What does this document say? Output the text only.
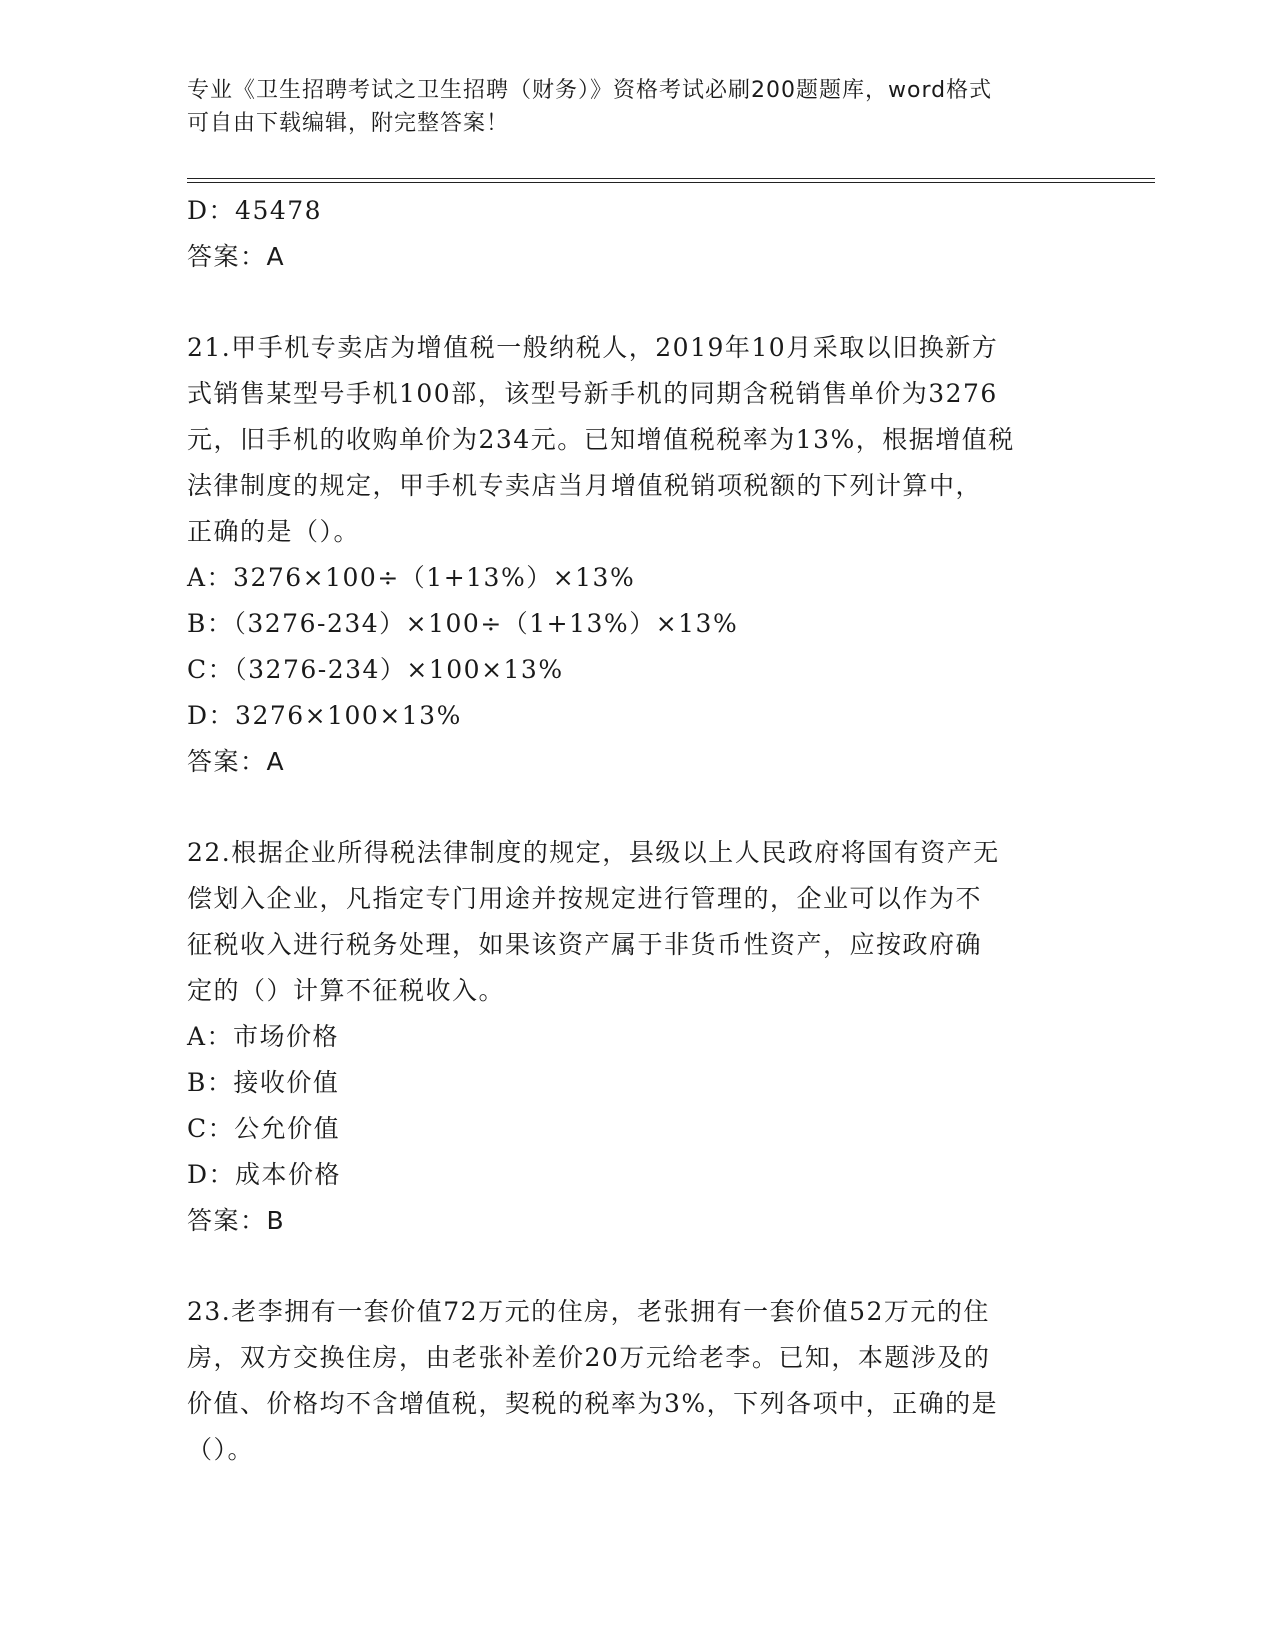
专业《卫生招聘考试之卫生招聘（财务）》资格考试必刷200题题库，word格式
可自由下载编辑，附完整答案！
D：45478
答案：A
21.甲手机专卖店为增值税一般纳税人，2019年10月采取以旧换新方
式销售某型号手机100部，该型号新手机的同期含税销售单价为3276
元，旧手机的收购单价为234元。已知增值税税率为13%，根据增值税
法律制度的规定，甲手机专卖店当月增值税销项税额的下列计算中，
正确的是（）。
A：3276×100÷（1+13%）×13%
B：（3276-234）×100÷（1+13%）×13%
C：（3276-234）×100×13%
D：3276×100×13%
答案：A
22.根据企业所得税法律制度的规定，县级以上人民政府将国有资产无
偿划入企业，凡指定专门用途并按规定进行管理的，企业可以作为不
征税收入进行税务处理，如果该资产属于非货币性资产，应按政府确
定的（）计算不征税收入。
A：市场价格
B：接收价值
C：公允价值
D：成本价格
答案：B
23.老李拥有一套价值72万元的住房，老张拥有一套价值52万元的住
房，双方交换住房，由老张补差价20万元给老李。已知，本题涉及的
价值、价格均不含增值税，契税的税率为3%，下列各项中，正确的是
（）。
